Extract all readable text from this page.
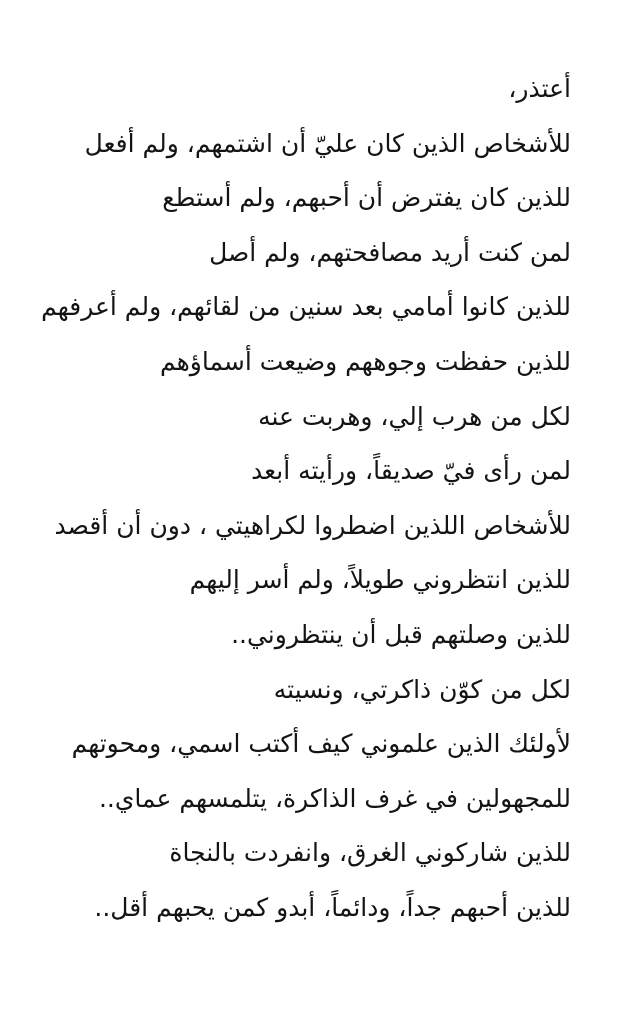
أعتذر،
للأشخاص الذين كان عليّ أن اشتمهم، ولم أفعل
للذين كان يفترض أن أحبهم، ولم أستطع
لمن كنت أريد مصافحتهم، ولم أصل
للذين كانوا أمامي بعد سنين من لقائهم، ولم أعرفهم
للذين حفظت وجوههم وضيعت أسماؤهم
لكل من هرب إلي، وهربت عنه
لمن رأى فيّ صديقاً، ورأيته أبعد
للأشخاص اللذين اضطروا لكراهيتي ، دون أن أقصد
للذين انتظروني طويلاً، ولم أسر إليهم
للذين وصلتهم قبل أن ينتظروني..
لكل من كوّن ذاكرتي، ونسيته
لأولئك الذين علموني كيف أكتب اسمي، ومحوتهم
للمجهولين في غرف الذاكرة، يتلمسهم عماي..
للذين شاركوني الغرق، وانفردت بالنجاة
للذين أحبهم جداً، ودائماً، أبدو كمن يحبهم أقل..
